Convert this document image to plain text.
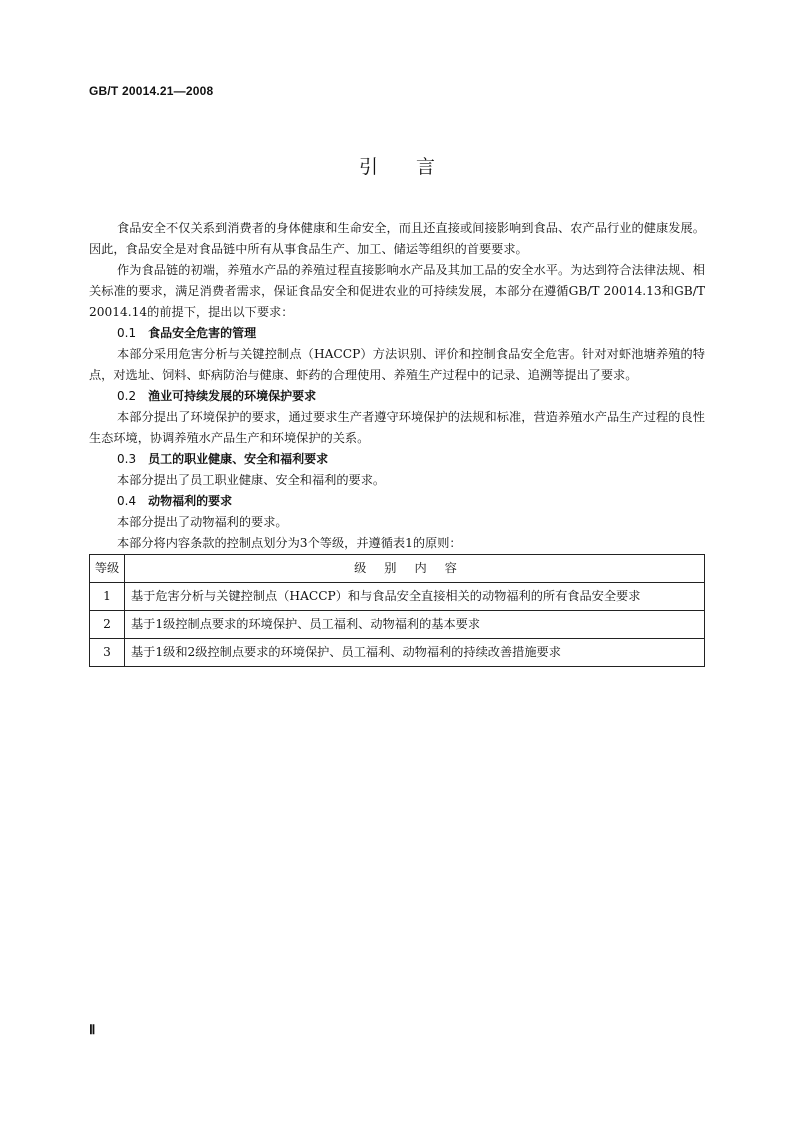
GB/T 20014.21—2008
引言

食品安全不仅关系到消费者的身体健康和生命安全，而且还直接或间接影响到食品、农产品行业的健康发展。因此，食品安全是对食品链中所有从事食品生产、加工、储运等组织的首要要求。

作为食品链的初端，养殖水产品的养殖过程直接影响水产品及其加工品的安全水平。为达到符合法律法规、相关标准的要求，满足消费者需求，保证食品安全和促进农业的可持续发展，本部分在遵循GB/T 20014.13和GB/T 20014.14的前提下，提出以下要求：

0.1 食品安全危害的管理

本部分采用危害分析与关键控制点（HACCP）方法识别、评价和控制食品安全危害。针对对虾池塘养殖的特点，对选址、饲料、虾病防治与健康、虾药的合理使用、养殖生产过程中的记录、追溯等提出了要求。

0.2 渔业可持续发展的环境保护要求

本部分提出了环境保护的要求，通过要求生产者遵守环境保护的法规和标准，营造养殖水产品生产过程的良性生态环境，协调养殖水产品生产和环境保护的关系。

0.3 员工的职业健康、安全和福利要求

本部分提出了员工职业健康、安全和福利的要求。

0.4 动物福利的要求

本部分提出了动物福利的要求。

本部分将内容条款的控制点划分为3个等级，并遵循表1的原则：

等级	级别内容
1	基于危害分析与关键控制点（HACCP）和与食品安全直接相关的动物福利的所有食品安全要求
2	基于1级控制点要求的环境保护、员工福利、动物福利的基本要求
3	基于1级和2级控制点要求的环境保护、员工福利、动物福利的持续改善措施要求
Ⅱ
